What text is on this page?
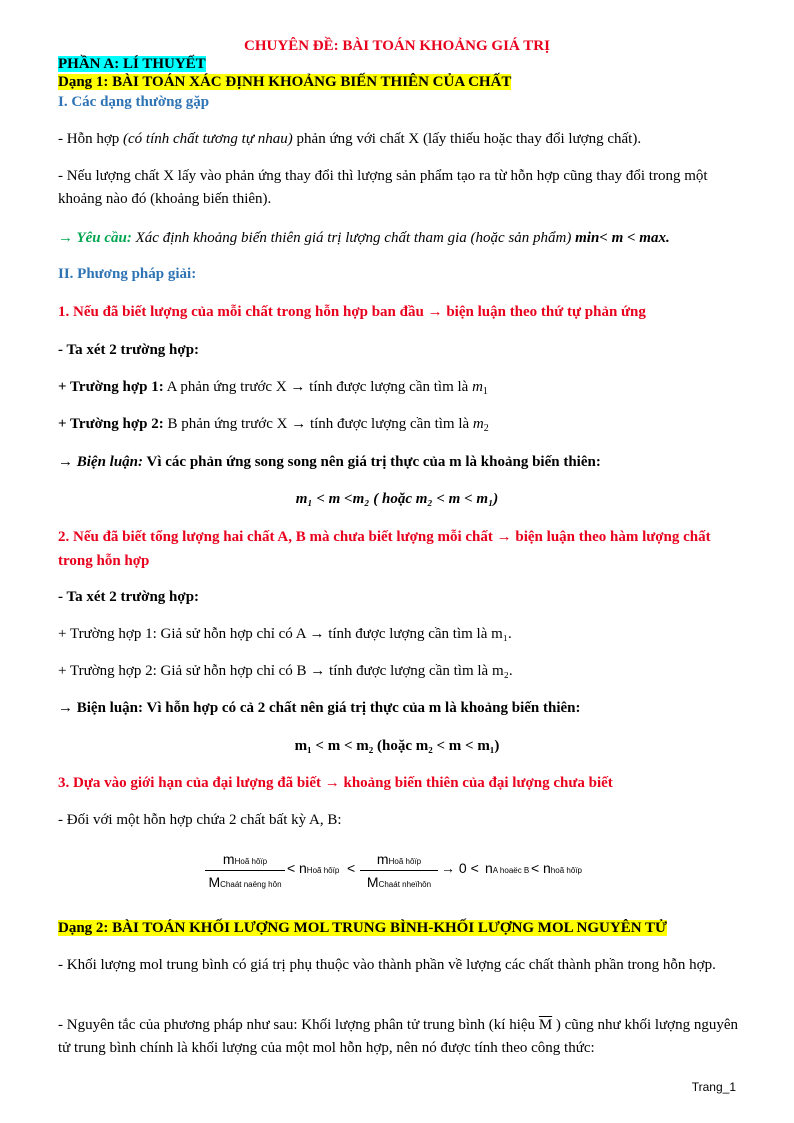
CHUYÊN ĐỀ: BÀI TOÁN KHOẢNG GIÁ TRỊ
PHẦN A: LÍ THUYẾT
Dạng 1: BÀI TOÁN XÁC ĐỊNH KHOẢNG BIẾN THIÊN CỦA CHẤT
I. Các dạng thường gặp
- Hỗn hợp (có tính chất tương tự nhau) phản ứng với chất X (lấy thiếu hoặc thay đổi lượng chất).
- Nếu lượng chất X lấy vào phản ứng thay đổi thì lượng sản phẩm tạo ra từ hỗn hợp cũng thay đổi trong một khoảng nào đó (khoảng biến thiên).
→ Yêu cầu: Xác định khoảng biến thiên giá trị lượng chất tham gia (hoặc sản phẩm) min< m < max.
II. Phương pháp giải:
1. Nếu đã biết lượng của mỗi chất trong hỗn hợp ban đầu → biện luận theo thứ tự phản ứng
- Ta xét 2 trường hợp:
+ Trường hợp 1: A phản ứng trước X → tính được lượng cần tìm là $m_1$
+ Trường hợp 2: B phản ứng trước X → tính được lượng cần tìm là $m_2$
→ Biện luận: Vì các phản ứng song song nên giá trị thực của m là khoảng biến thiên:
m₁ < m <m₂ ( hoặc m₂ < m < m₁)
2. Nếu đã biết tổng lượng hai chất A, B mà chưa biết lượng mỗi chất → biện luận theo hàm lượng chất trong hỗn hợp
- Ta xét 2 trường hợp:
+ Trường hợp 1: Giả sử hỗn hợp chỉ có A → tính được lượng cần tìm là m₁.
+ Trường hợp 2: Giả sử hỗn hợp chỉ có B → tính được lượng cần tìm là m₂.
→ Biện luận: Vì hỗn hợp có cả 2 chất nên giá trị thực của m là khoảng biến thiên:
m₁ < m < m₂ (hoặc m₂ < m < m₁)
3. Dựa vào giới hạn của đại lượng đã biết → khoảng biến thiên của đại lượng chưa biết
- Đối với một hỗn hợp chứa 2 chất bất kỳ A, B:
mHoã hôïp
MChaát naëng hôn
< nHoã hôïp <
mHoã hôïp
MChaát nheïhôn
→ 0 < nA hoaëc B < nhoã hôïp
Dạng 2: BÀI TOÁN KHỐI LƯỢNG MOL TRUNG BÌNH-KHỐI LƯỢNG MOL NGUYÊN TỬ
- Khối lượng mol trung bình có giá trị phụ thuộc vào thành phần về lượng các chất thành phần trong hỗn hợp.
- Nguyên tắc của phương pháp như sau: Khối lượng phân tử trung bình (kí hiệu $\overline{M}$ ) cũng như khối lượng nguyên tử trung bình chính là khối lượng của một mol hỗn hợp, nên nó được tính theo công thức:
Trang_1
